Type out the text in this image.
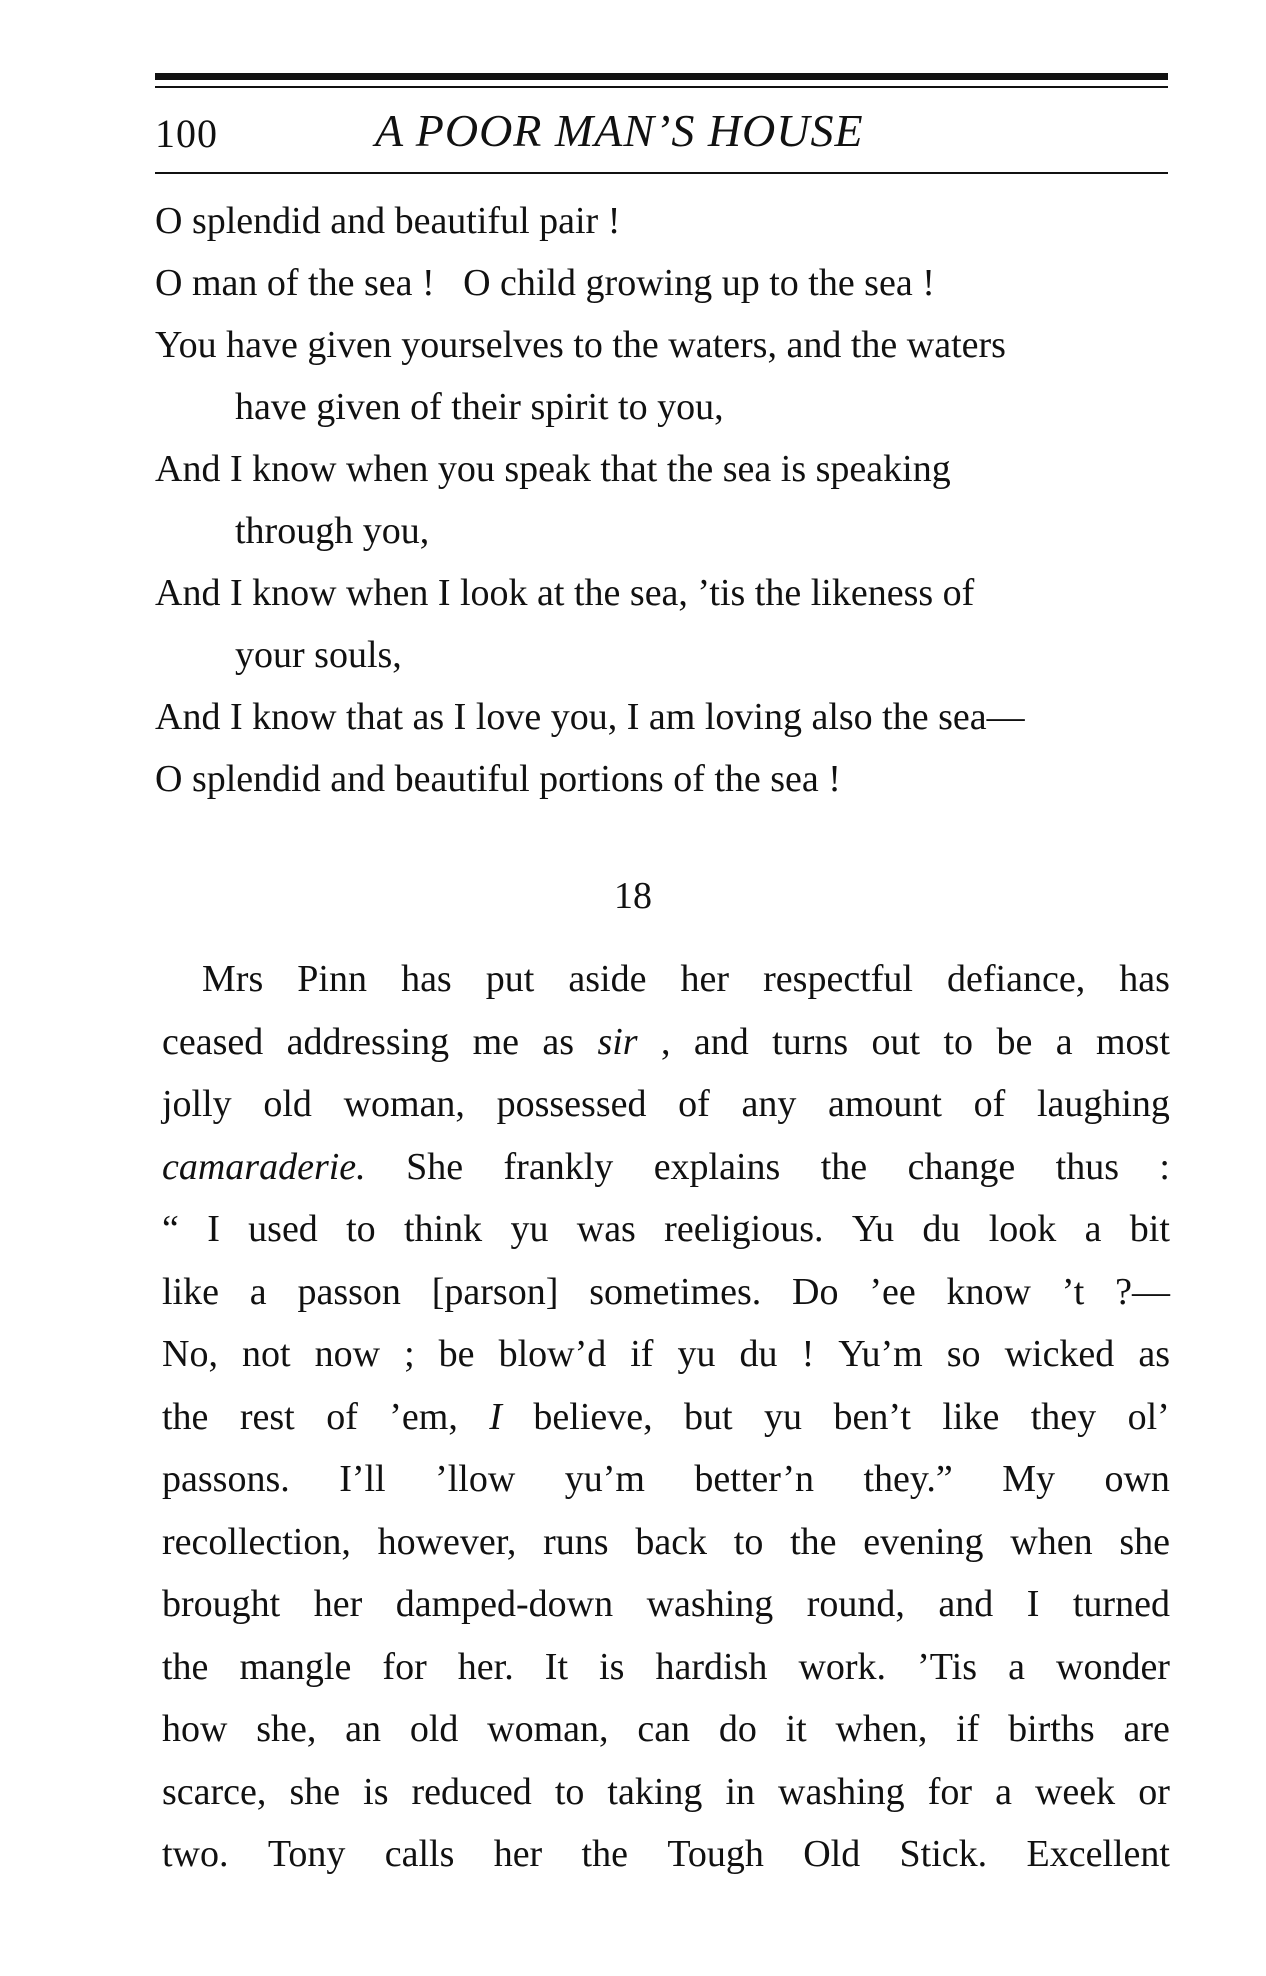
100	A POOR MAN’S HOUSE
O splendid and beautiful pair !
O man of the sea !   O child growing up to the sea !
You have given yourselves to the waters, and the waters
have given of their spirit to you,
And I know when you speak that the sea is speaking
through you,
And I know when I look at the sea, ’tis the likeness of
your souls,
And I know that as I love you, I am loving also the sea—
O splendid and beautiful portions of the sea !
18
Mrs Pinn has put aside her respectful defiance, has
ceased addressing me as sir , and turns out to be a most
jolly old woman, possessed of any amount of laughing
camaraderie. She frankly explains the change thus :
“ I used to think yu was reeligious. Yu du look a bit
like a passon [parson] sometimes. Do ’ee know ’t ?—
No, not now ; be blow’d if yu du ! Yu’m so wicked as
the rest of ’em, I believe, but yu ben’t like they ol’
passons. I’ll ’llow yu’m better’n they.” My own
recollection, however, runs back to the evening when she
brought her damped-down washing round, and I turned
the mangle for her. It is hardish work. ’Tis a wonder
how she, an old woman, can do it when, if births are
scarce, she is reduced to taking in washing for a week or
two. Tony calls her the Tough Old Stick. Excellent
